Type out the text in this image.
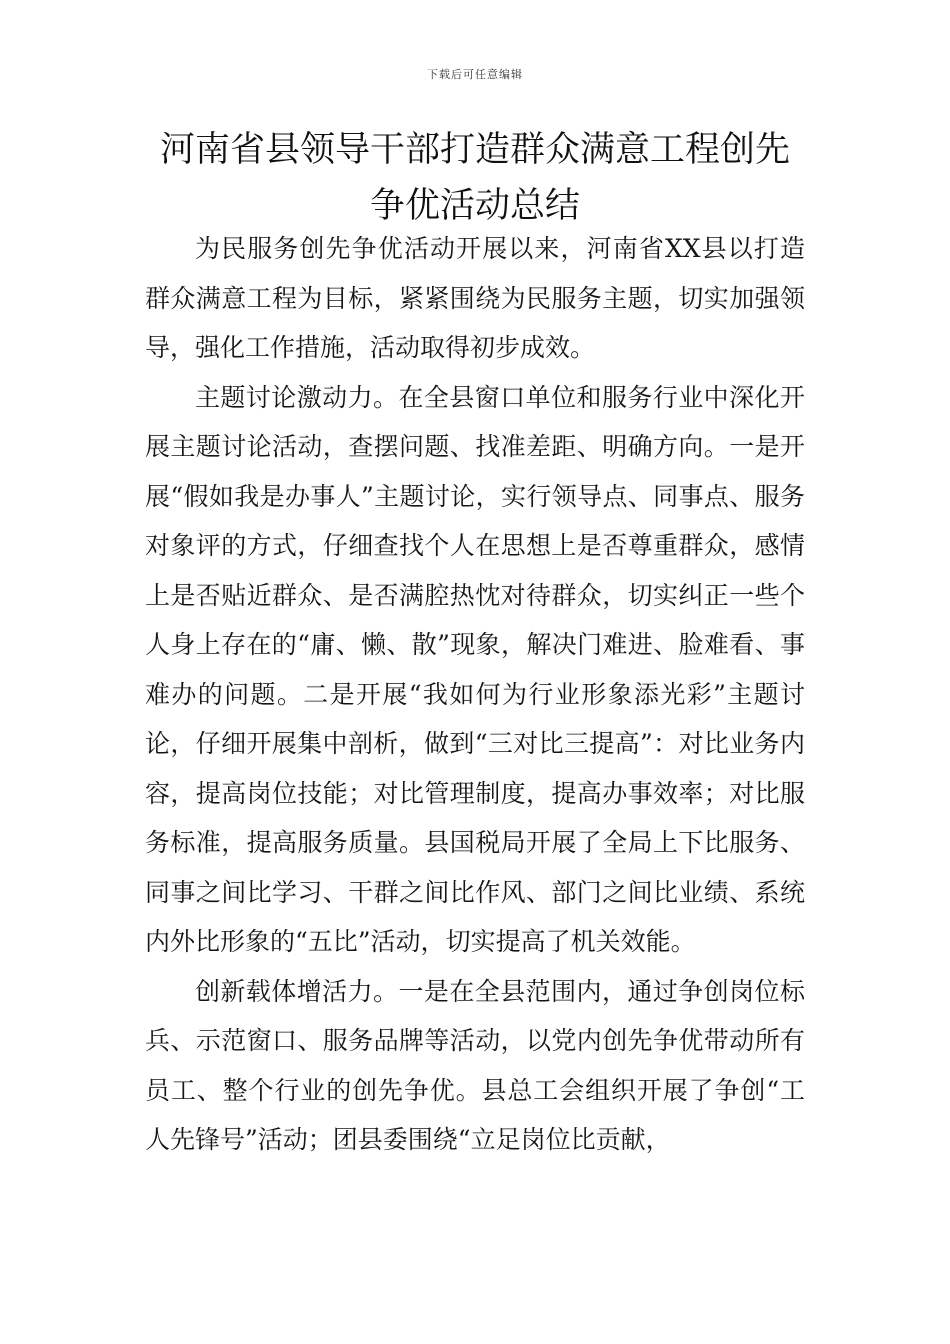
下载后可任意编辑
河南省县领导干部打造群众满意工程创先争优活动总结

为民服务创先争优活动开展以来，河南省XX县以打造群众满意工程为目标，紧紧围绕为民服务主题，切实加强领导，强化工作措施，活动取得初步成效。

主题讨论激动力。在全县窗口单位和服务行业中深化开展主题讨论活动，查摆问题、找准差距、明确方向。一是开展“假如我是办事人”主题讨论，实行领导点、同事点、服务对象评的方式，仔细查找个人在思想上是否尊重群众，感情上是否贴近群众、是否满腔热忱对待群众，切实纠正一些个人身上存在的“庸、懒、散”现象，解决门难进、脸难看、事难办的问题。二是开展“我如何为行业形象添光彩”主题讨论，仔细开展集中剖析，做到“三对比三提高”：对比业务内容，提高岗位技能；对比管理制度，提高办事效率；对比服务标准，提高服务质量。县国税局开展了全局上下比服务、同事之间比学习、干群之间比作风、部门之间比业绩、系统内外比形象的“五比”活动，切实提高了机关效能。

创新载体增活力。一是在全县范围内，通过争创岗位标兵、示范窗口、服务品牌等活动，以党内创先争优带动所有员工、整个行业的创先争优。县总工会组织开展了争创“工人先锋号”活动；团县委围绕“立足岗位比贡献，
